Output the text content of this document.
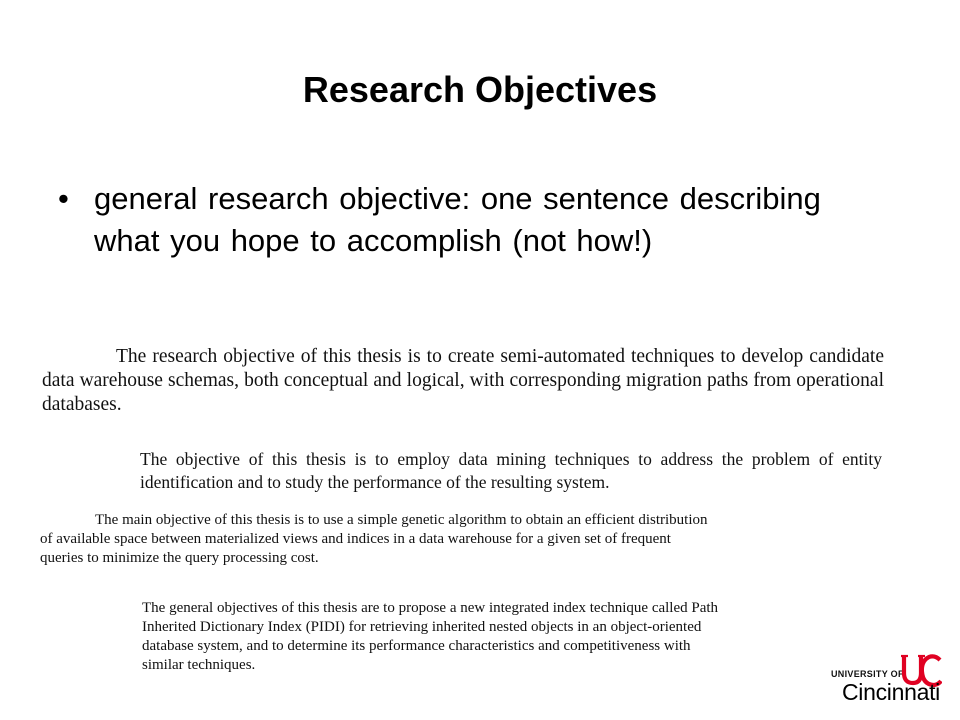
Research Objectives
• general research objective: one sentence describing what you hope to accomplish (not how!)

The research objective of this thesis is to create semi-automated techniques to develop candidate data warehouse schemas, both conceptual and logical, with corresponding migration paths from operational databases.

The objective of this thesis is to employ data mining techniques to address the problem of entity identification and to study the performance of the resulting system.

The main objective of this thesis is to use a simple genetic algorithm to obtain an efficient distribution of available space between materialized views and indices in a data warehouse for a given set of frequent queries to minimize the query processing cost.

The general objectives of this thesis are to propose a new integrated index technique called Path Inherited Dictionary Index (PIDI) for retrieving inherited nested objects in an object-oriented database system, and to determine its performance characteristics and competitiveness with similar techniques.

UNIVERSITY OF
Cincinnati
